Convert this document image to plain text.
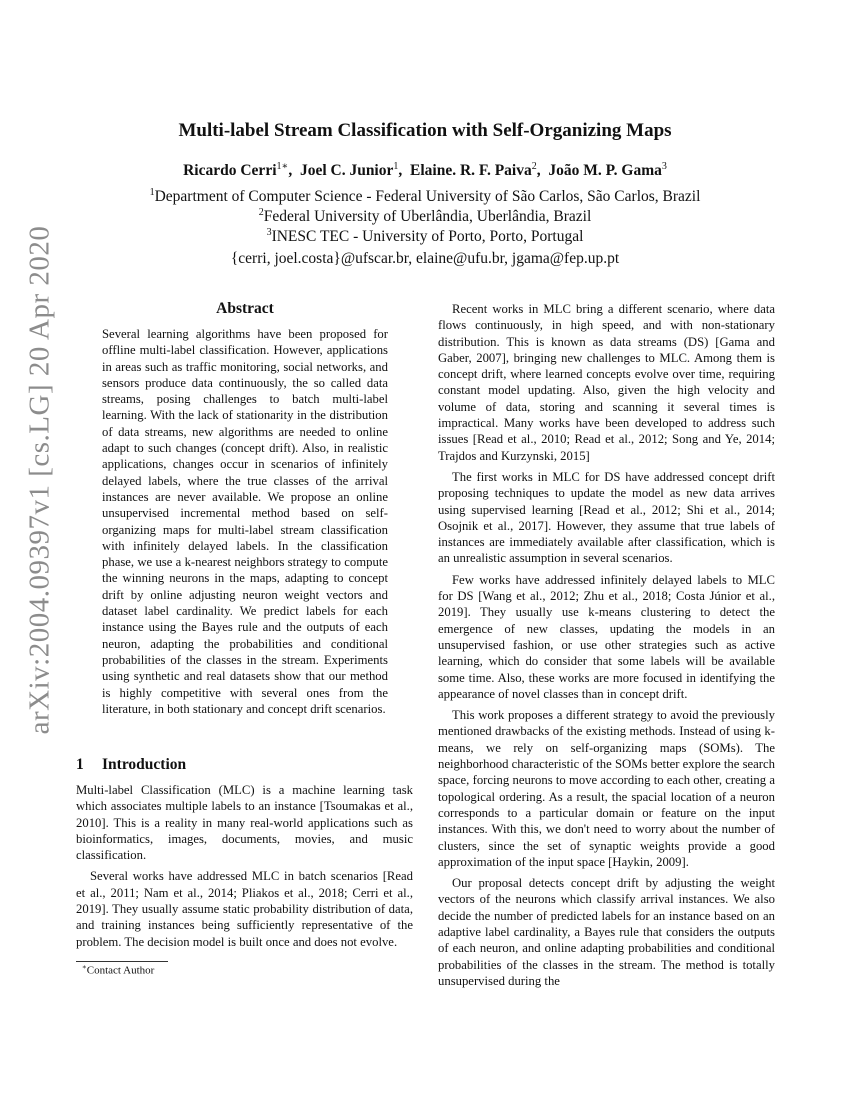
arXiv:2004.09397v1 [cs.LG] 20 Apr 2020
Multi-label Stream Classification with Self-Organizing Maps
Ricardo Cerri$^{1∗}$,  Joel C. Junior$^1$,  Elaine. R. F. Paiva$^2$,  João M. P. Gama$^3$
$^1$Department of Computer Science - Federal University of São Carlos, São Carlos, Brazil
$^2$Federal University of Uberlândia, Uberlândia, Brazil
$^3$INESC TEC - University of Porto, Porto, Portugal
{cerri, joel.costa}@ufscar.br, elaine@ufu.br, jgama@fep.up.pt
Abstract
Several learning algorithms have been proposed for offline multi-label classification. However, applications in areas such as traffic monitoring, social networks, and sensors produce data continuously, the so called data streams, posing challenges to batch multi-label learning. With the lack of stationarity in the distribution of data streams, new algorithms are needed to online adapt to such changes (concept drift). Also, in realistic applications, changes occur in scenarios of infinitely delayed labels, where the true classes of the arrival instances are never available. We propose an online unsupervised incremental method based on self-organizing maps for multi-label stream classification with infinitely delayed labels. In the classification phase, we use a k-nearest neighbors strategy to compute the winning neurons in the maps, adapting to concept drift by online adjusting neuron weight vectors and dataset label cardinality. We predict labels for each instance using the Bayes rule and the outputs of each neuron, adapting the probabilities and conditional probabilities of the classes in the stream. Experiments using synthetic and real datasets show that our method is highly competitive with several ones from the literature, in both stationary and concept drift scenarios.
1 Introduction

Multi-label Classification (MLC) is a machine learning task which associates multiple labels to an instance [Tsoumakas et al., 2010]. This is a reality in many real-world applications such as bioinformatics, images, documents, movies, and music classification.

Several works have addressed MLC in batch scenarios [Read et al., 2011; Nam et al., 2014; Pliakos et al., 2018; Cerri et al., 2019]. They usually assume static probability distribution of data, and training instances being sufficiently representative of the problem. The decision model is built once and does not evolve.

∗Contact Author

Recent works in MLC bring a different scenario, where data flows continuously, in high speed, and with non-stationary distribution. This is known as data streams (DS) [Gama and Gaber, 2007], bringing new challenges to MLC. Among them is concept drift, where learned concepts evolve over time, requiring constant model updating. Also, given the high velocity and volume of data, storing and scanning it several times is impractical. Many works have been developed to address such issues [Read et al., 2010; Read et al., 2012; Song and Ye, 2014; Trajdos and Kurzynski, 2015]

The first works in MLC for DS have addressed concept drift proposing techniques to update the model as new data arrives using supervised learning [Read et al., 2012; Shi et al., 2014; Osojnik et al., 2017]. However, they assume that true labels of instances are immediately available after classification, which is an unrealistic assumption in several scenarios.

Few works have addressed infinitely delayed labels to MLC for DS [Wang et al., 2012; Zhu et al., 2018; Costa Júnior et al., 2019]. They usually use k-means clustering to detect the emergence of new classes, updating the models in an unsupervised fashion, or use other strategies such as active learning, which do consider that some labels will be available some time. Also, these works are more focused in identifying the appearance of novel classes than in concept drift.

This work proposes a different strategy to avoid the previously mentioned drawbacks of the existing methods. Instead of using k-means, we rely on self-organizing maps (SOMs). The neighborhood characteristic of the SOMs better explore the search space, forcing neurons to move according to each other, creating a topological ordering. As a result, the spacial location of a neuron corresponds to a particular domain or feature on the input instances. With this, we don't need to worry about the number of clusters, since the set of synaptic weights provide a good approximation of the input space [Haykin, 2009].

Our proposal detects concept drift by adjusting the weight vectors of the neurons which classify arrival instances. We also decide the number of predicted labels for an instance based on an adaptive label cardinality, a Bayes rule that considers the outputs of each neuron, and online adapting probabilities and conditional probabilities of the classes in the stream. The method is totally unsupervised during the
